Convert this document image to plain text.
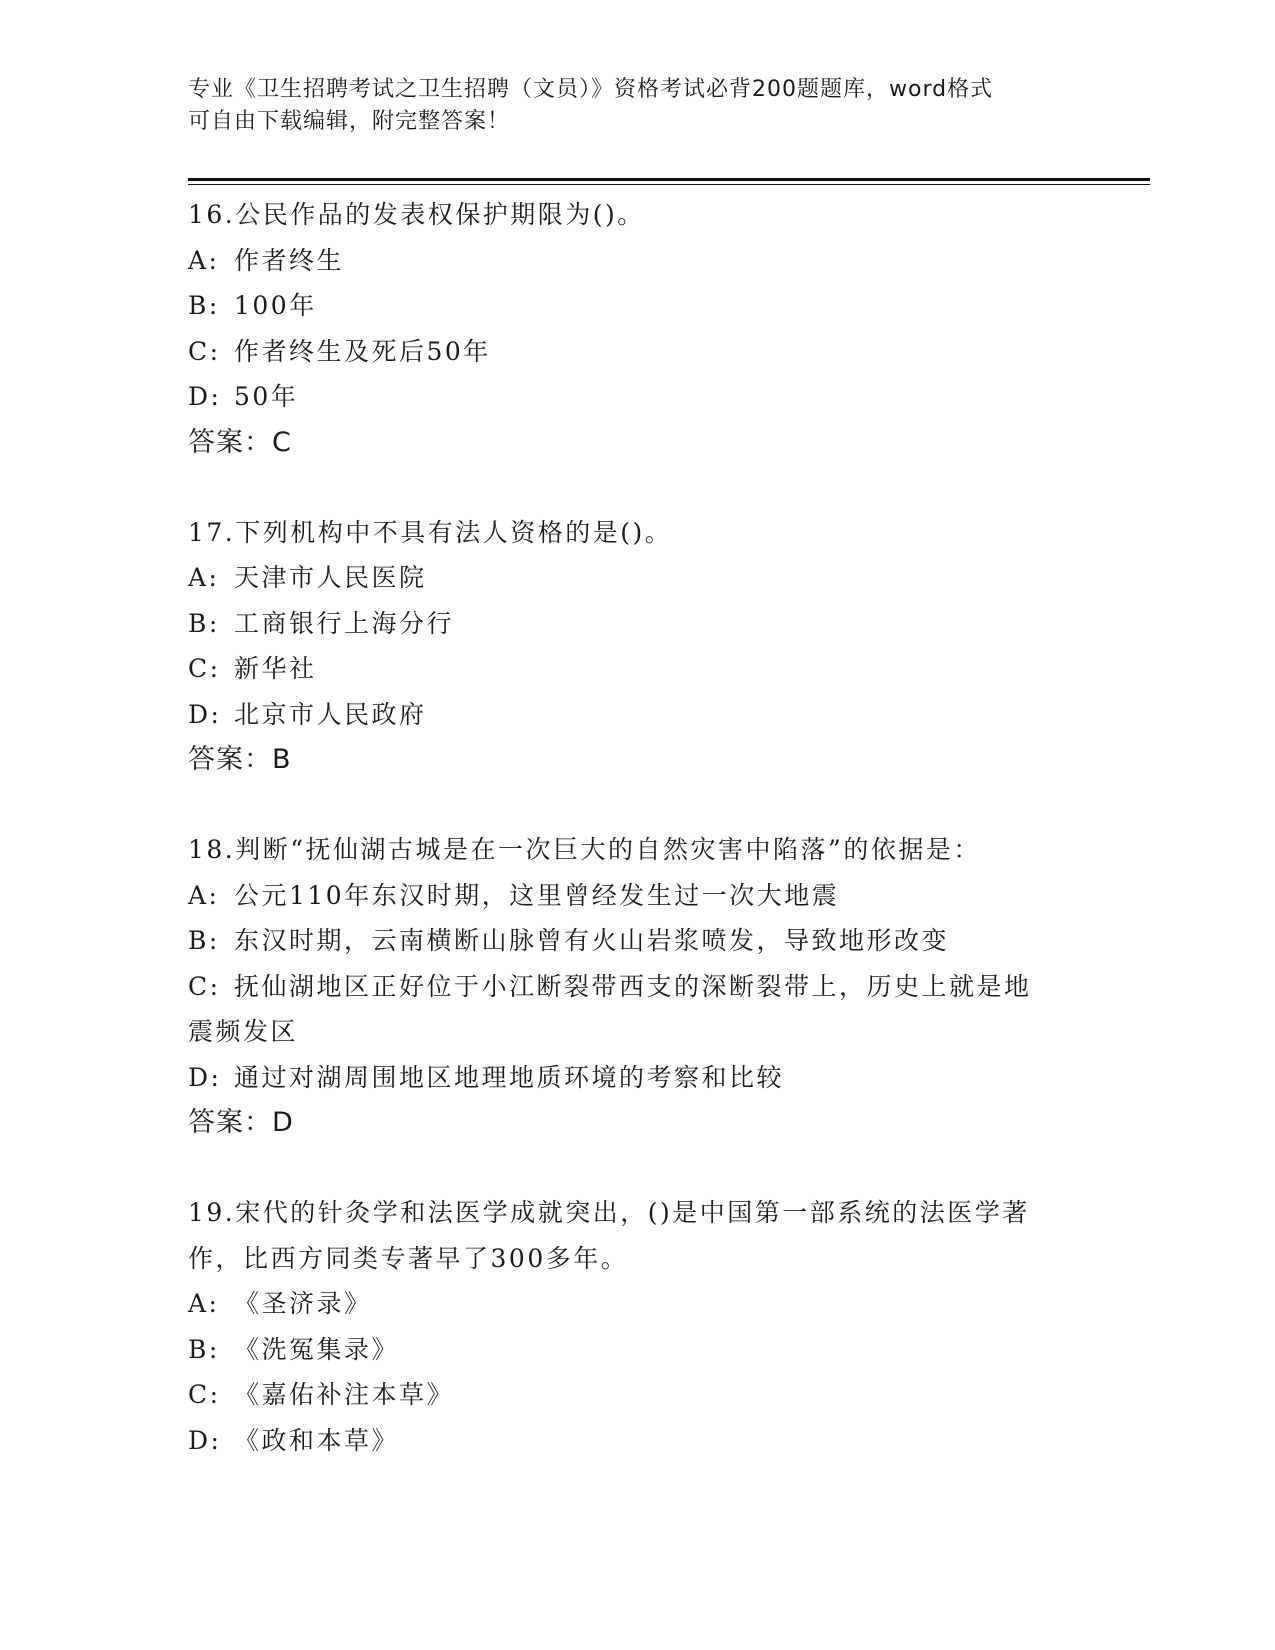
专业《卫生招聘考试之卫生招聘（文员）》资格考试必背200题题库，word格式
可自由下载编辑，附完整答案！
16.公民作品的发表权保护期限为()。
A: 作者终生
B: 100年
C: 作者终生及死后50年
D: 50年
答案：C
17.下列机构中不具有法人资格的是()。
A: 天津市人民医院
B: 工商银行上海分行
C: 新华社
D: 北京市人民政府
答案：B
18.判断“抚仙湖古城是在一次巨大的自然灾害中陷落”的依据是：
A: 公元110年东汉时期，这里曾经发生过一次大地震
B: 东汉时期，云南横断山脉曾有火山岩浆喷发，导致地形改变
C: 抚仙湖地区正好位于小江断裂带西支的深断裂带上，历史上就是地
震频发区
D: 通过对湖周围地区地理地质环境的考察和比较
答案：D
19.宋代的针灸学和法医学成就突出，()是中国第一部系统的法医学著
作，比西方同类专著早了300多年。
A: 《圣济录》
B: 《洗冤集录》
C: 《嘉佑补注本草》
D: 《政和本草》
